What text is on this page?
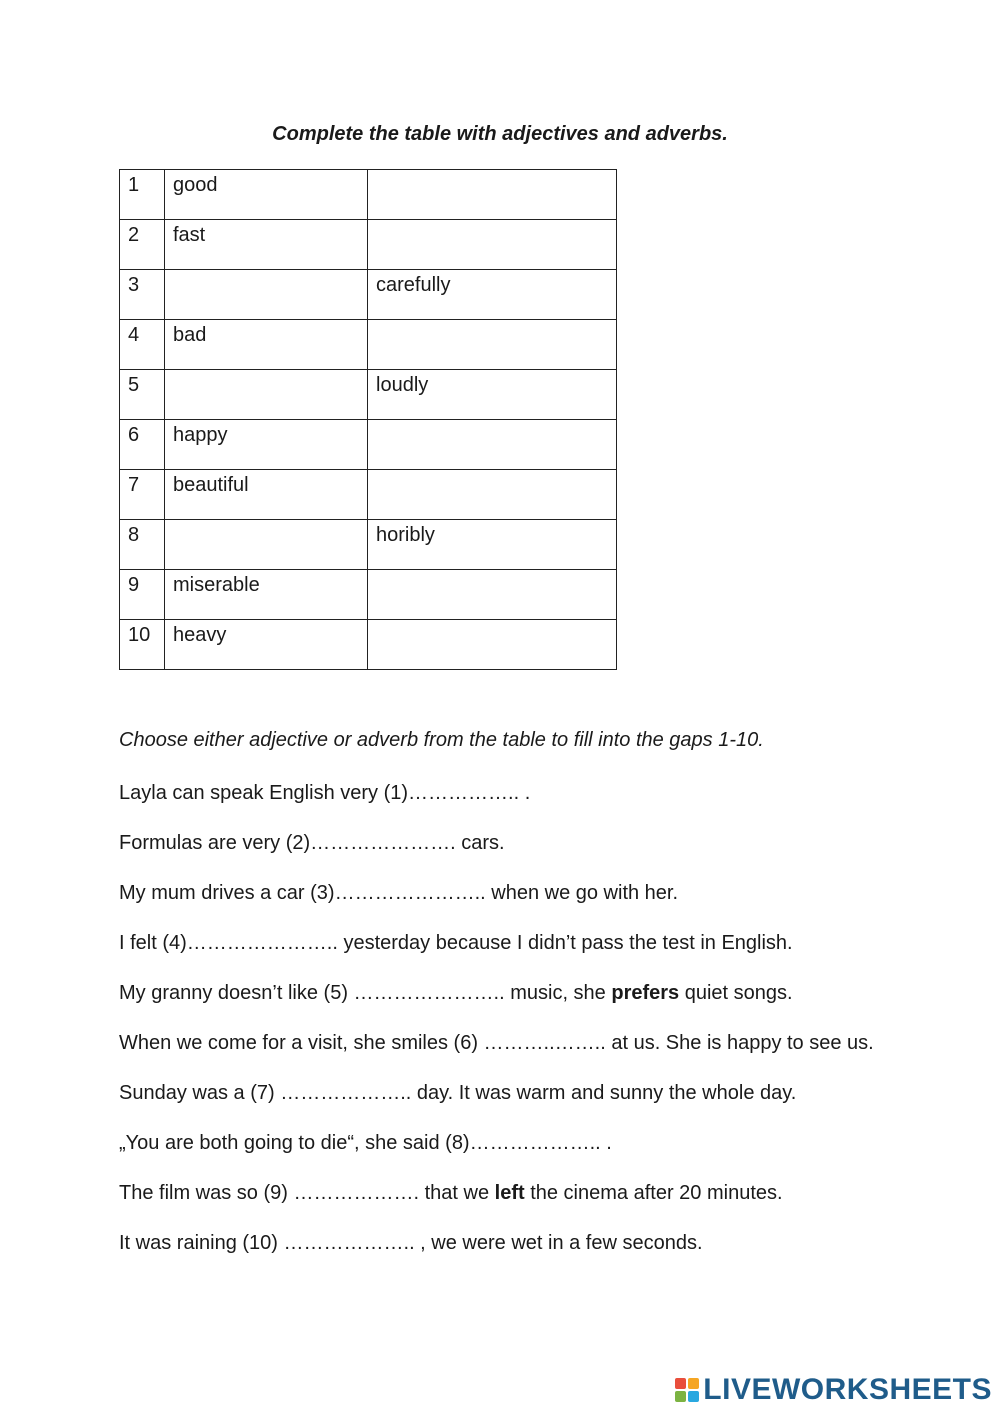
Complete the table with adjectives and adverbs.
1	good	
2	fast	
3		carefully
4	bad	
5		loudly
6	happy	
7	beautiful	
8		horibly
9	miserable	
10	heavy	
Choose either adjective or adverb from the table to fill into the gaps 1-10.
Layla can speak English very (1)…………….. .
Formulas are very (2)…………………. cars.
My mum drives a car (3)………………….. when we go with her.
I felt (4)………………….. yesterday because I didn’t pass the test in English.
My granny doesn’t like (5) ………………….. music, she prefers quiet songs.
When we come for a visit, she smiles (6) ………..…….. at us. She is happy to see us.
Sunday was a (7) ……………….. day. It was warm and sunny the whole day.
„You are both going to die“, she said (8)……………….. .
The film was so (9) ………………. that we left the cinema after 20 minutes.
It was raining (10) ……………….. , we were wet in a few seconds.
LIVEWORKSHEETS
